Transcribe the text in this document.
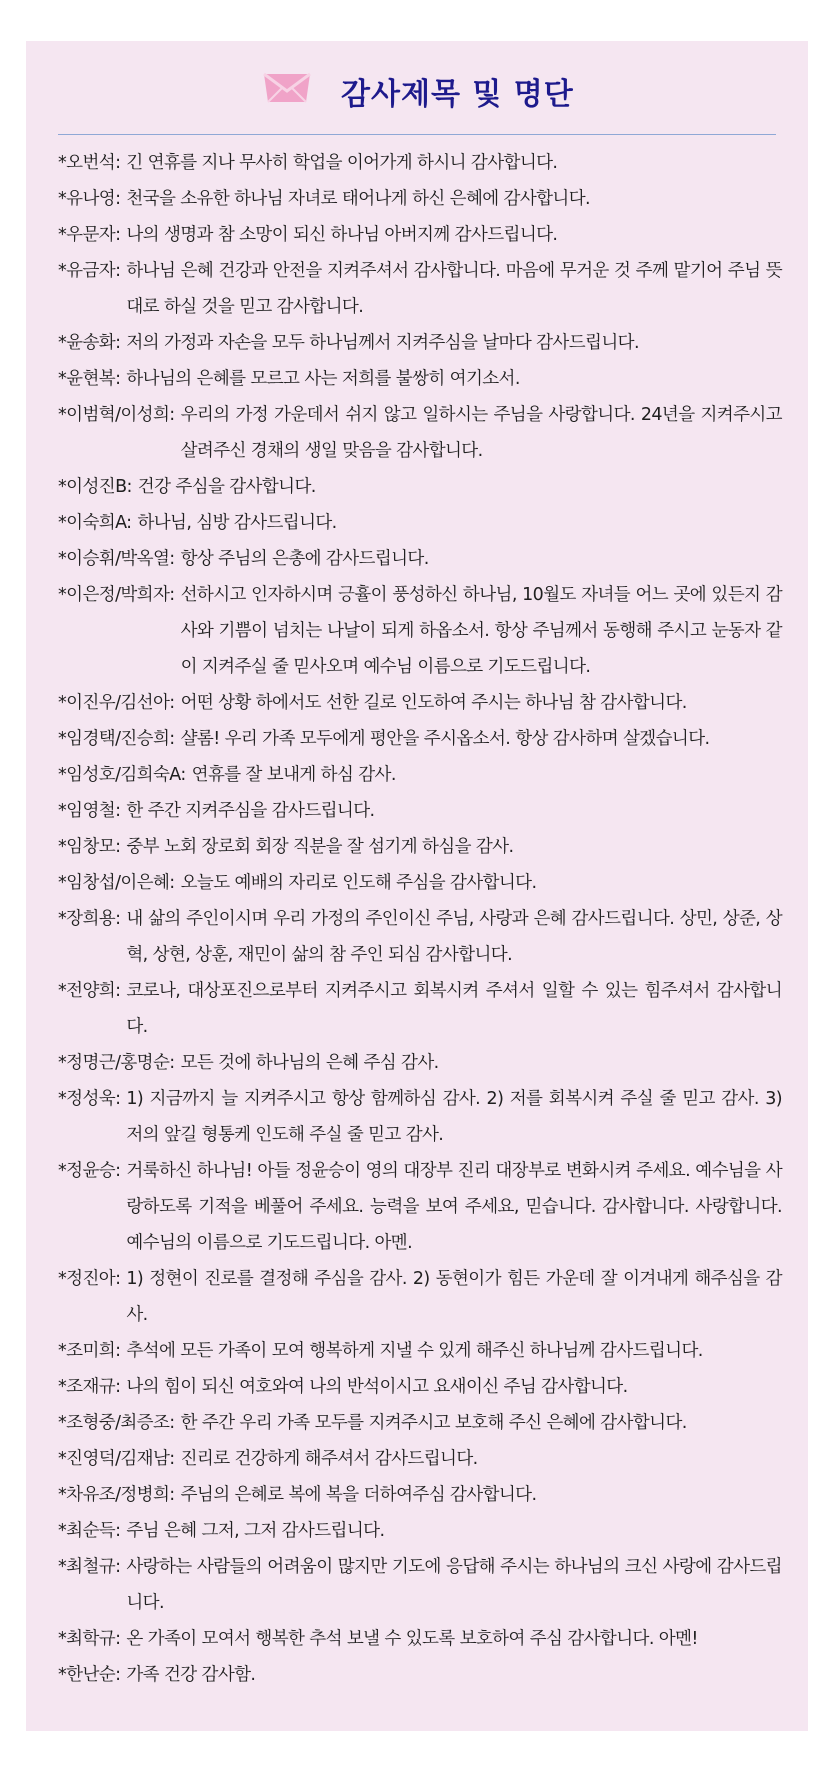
감사제목 및 명단
*오번석: 긴 연휴를 지나 무사히 학업을 이어가게 하시니 감사합니다.
*유나영: 천국을 소유한 하나님 자녀로 태어나게 하신 은혜에 감사합니다.
*우문자: 나의 생명과 참 소망이 되신 하나님 아버지께 감사드립니다.
*유금자: 하나님 은혜 건강과 안전을 지켜주셔서 감사합니다. 마음에 무거운 것 주께 맡기어 주님 뜻대로 하실 것을 믿고 감사합니다.
*윤송화: 저의 가정과 자손을 모두 하나님께서 지켜주심을 날마다 감사드립니다.
*윤현복: 하나님의 은혜를 모르고 사는 저희를 불쌍히 여기소서.
*이범혁/이성희: 우리의 가정 가운데서 쉬지 않고 일하시는 주님을 사랑합니다. 24년을 지켜주시고 살려주신 경채의 생일 맞음을 감사합니다.
*이성진B: 건강 주심을 감사합니다.
*이숙희A: 하나님, 심방 감사드립니다.
*이승휘/박옥열: 항상 주님의 은총에 감사드립니다.
*이은정/박희자: 선하시고 인자하시며 긍휼이 풍성하신 하나님, 10월도 자녀들 어느 곳에 있든지 감사와 기쁨이 넘치는 나날이 되게 하옵소서. 항상 주님께서 동행해 주시고 눈동자 같이 지켜주실 줄 믿사오며 예수님 이름으로 기도드립니다.
*이진우/김선아: 어떤 상황 하에서도 선한 길로 인도하여 주시는 하나님 참 감사합니다.
*임경택/진승희: 샬롬! 우리 가족 모두에게 평안을 주시옵소서. 항상 감사하며 살겠습니다.
*임성호/김희숙A: 연휴를 잘 보내게 하심 감사.
*임영철: 한 주간 지켜주심을 감사드립니다.
*임창모: 중부 노회 장로회 회장 직분을 잘 섬기게 하심을 감사.
*임창섭/이은혜: 오늘도 예배의 자리로 인도해 주심을 감사합니다.
*장희용: 내 삶의 주인이시며 우리 가정의 주인이신 주님, 사랑과 은혜 감사드립니다. 상민, 상준, 상혁, 상현, 상훈, 재민이 삶의 참 주인 되심 감사합니다.
*전양희: 코로나, 대상포진으로부터 지켜주시고 회복시켜 주셔서 일할 수 있는 힘주셔서 감사합니다.
*정명근/홍명순: 모든 것에 하나님의 은혜 주심 감사.
*정성욱: 1) 지금까지 늘 지켜주시고 항상 함께하심 감사. 2) 저를 회복시켜 주실 줄 믿고 감사. 3) 저의 앞길 형통케 인도해 주실 줄 믿고 감사.
*정윤승: 거룩하신 하나님! 아들 정윤승이 영의 대장부 진리 대장부로 변화시켜 주세요. 예수님을 사랑하도록 기적을 베풀어 주세요. 능력을 보여 주세요, 믿습니다. 감사합니다. 사랑합니다. 예수님의 이름으로 기도드립니다. 아멘.
*정진아: 1) 정현이 진로를 결정해 주심을 감사. 2) 동현이가 힘든 가운데 잘 이겨내게 해주심을 감사.
*조미희: 추석에 모든 가족이 모여 행복하게 지낼 수 있게 해주신 하나님께 감사드립니다.
*조재규: 나의 힘이 되신 여호와여 나의 반석이시고 요새이신 주님 감사합니다.
*조형중/최증조: 한 주간 우리 가족 모두를 지켜주시고 보호해 주신 은혜에 감사합니다.
*진영덕/김재남: 진리로 건강하게 해주셔서 감사드립니다.
*차유조/정병희: 주님의 은혜로 복에 복을 더하여주심 감사합니다.
*최순득: 주님 은혜 그저, 그저 감사드립니다.
*최철규: 사랑하는 사람들의 어려움이 많지만 기도에 응답해 주시는 하나님의 크신 사랑에 감사드립니다.
*최학규: 온 가족이 모여서 행복한 추석 보낼 수 있도록 보호하여 주심 감사합니다. 아멘!
*한난순: 가족 건강 감사함.
